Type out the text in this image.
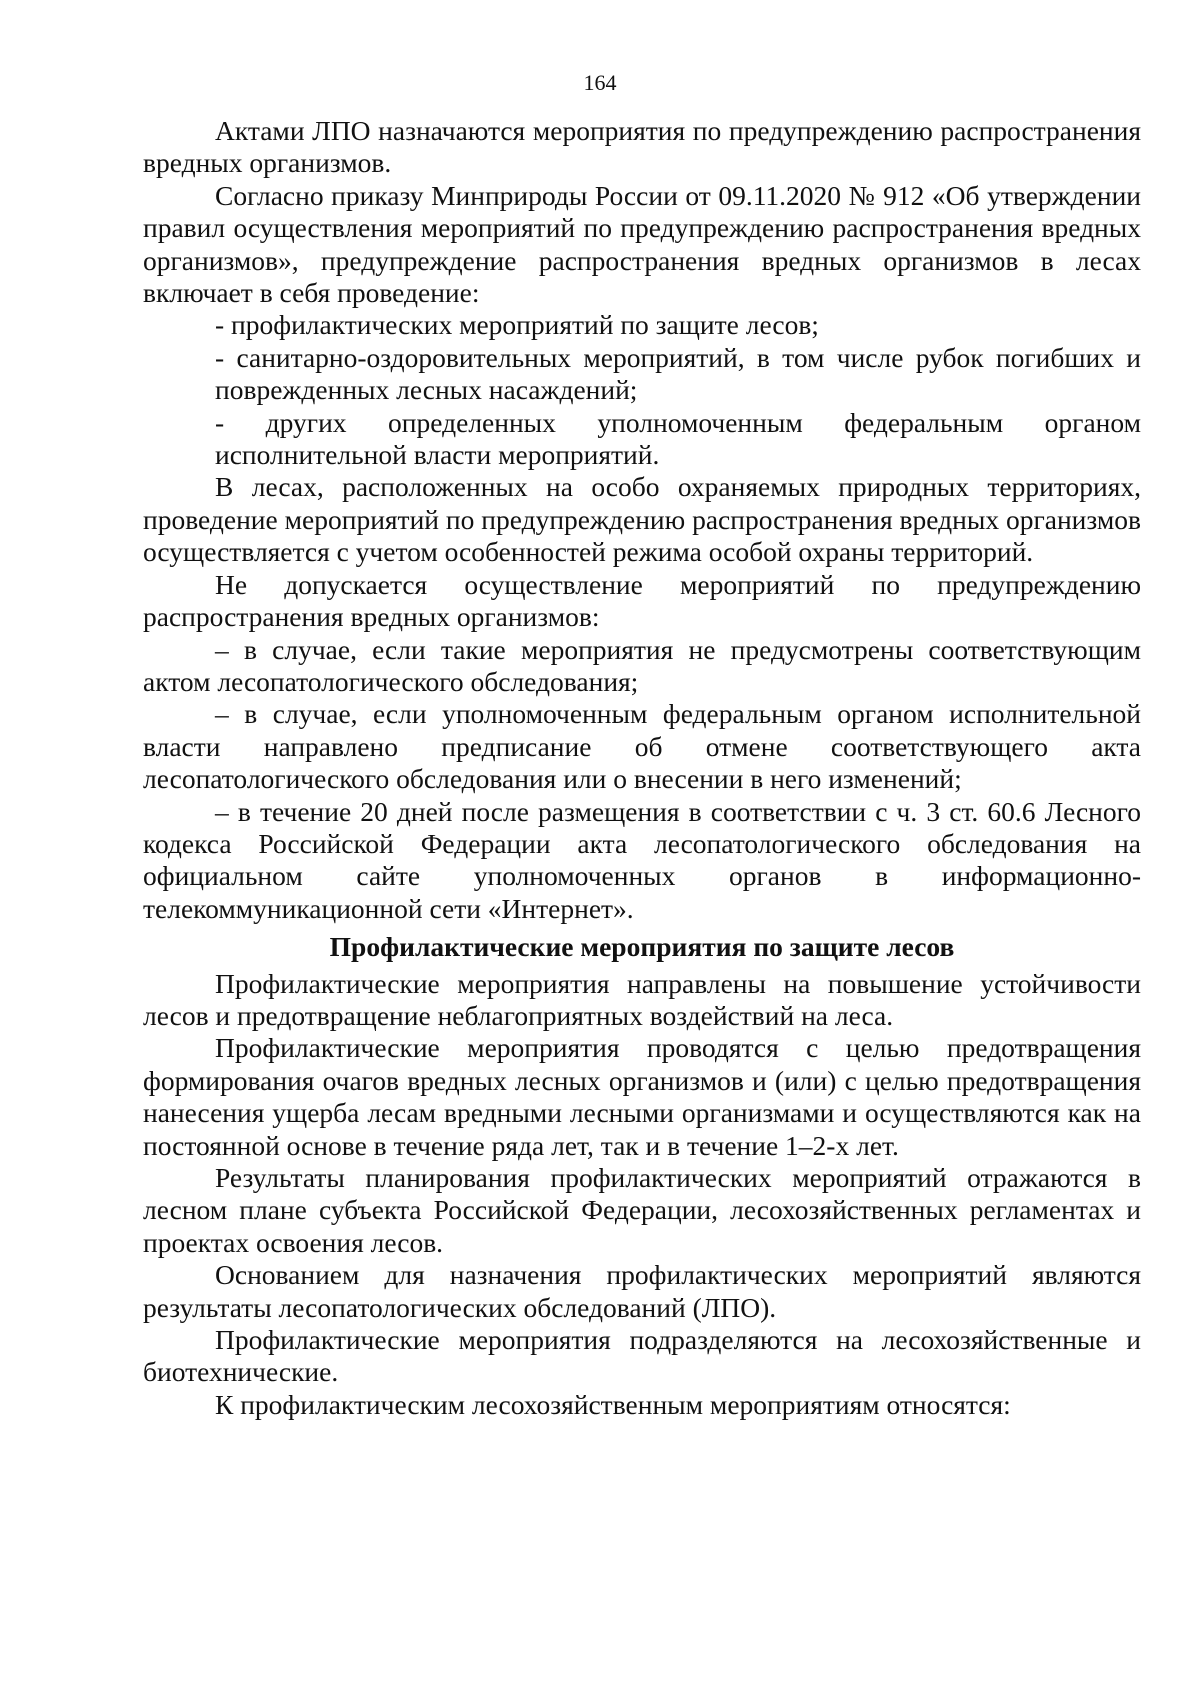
164

Актами ЛПО назначаются мероприятия по предупреждению распространения вредных организмов.

Согласно приказу Минприроды России от 09.11.2020 № 912 «Об утверждении правил осуществления мероприятий по предупреждению распространения вредных организмов», предупреждение распространения вредных организмов в лесах включает в себя проведение:

- профилактических мероприятий по защите лесов;

- санитарно-оздоровительных мероприятий, в том числе рубок погибших и поврежденных лесных насаждений;

- других определенных уполномоченным федеральным органом исполнительной власти мероприятий.

В лесах, расположенных на особо охраняемых природных территориях, проведение мероприятий по предупреждению распространения вредных организмов осуществляется с учетом особенностей режима особой охраны территорий.

Не допускается осуществление мероприятий по предупреждению распространения вредных организмов:

– в случае, если такие мероприятия не предусмотрены соответствующим актом лесопатологического обследования;

– в случае, если уполномоченным федеральным органом исполнительной власти направлено предписание об отмене соответствующего акта лесопатологического обследования или о внесении в него изменений;

– в течение 20 дней после размещения в соответствии с ч. 3 ст. 60.6 Лесного кодекса Российской Федерации акта лесопатологического обследования на официальном сайте уполномоченных органов в информационно-телекоммуникационной сети «Интернет».

Профилактические мероприятия по защите лесов

Профилактические мероприятия направлены на повышение устойчивости лесов и предотвращение неблагоприятных воздействий на леса.

Профилактические мероприятия проводятся с целью предотвращения формирования очагов вредных лесных организмов и (или) с целью предотвращения нанесения ущерба лесам вредными лесными организмами и осуществляются как на постоянной основе в течение ряда лет, так и в течение 1–2-х лет.

Результаты планирования профилактических мероприятий отражаются в лесном плане субъекта Российской Федерации, лесохозяйственных регламентах и проектах освоения лесов.

Основанием для назначения профилактических мероприятий являются результаты лесопатологических обследований (ЛПО).

Профилактические мероприятия подразделяются на лесохозяйственные и биотехнические.

К профилактическим лесохозяйственным мероприятиям относятся:
